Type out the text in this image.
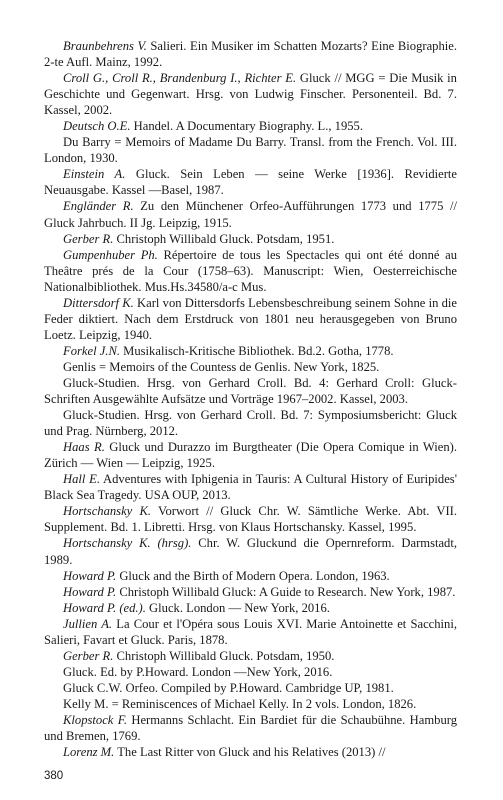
Braunbehrens V. Salieri. Ein Musiker im Schatten Mozarts? Eine Biographie. 2-te Aufl. Mainz, 1992.

Croll G., Croll R., Brandenburg I., Richter E. Gluck // MGG = Die Musik in Geschichte und Gegenwart. Hrsg. von Ludwig Finscher. Personenteil. Bd. 7. Kassel, 2002.

Deutsch O.E. Handel. A Documentary Biography. L., 1955.

Du Barry = Memoirs of Madame Du Barry. Transl. from the French. Vol. III. London, 1930.

Einstein A. Gluck. Sein Leben — seine Werke [1936]. Revidierte Neuausgabe. Kassel —Basel, 1987.

Engländer R. Zu den Münchener Orfeo-Aufführungen 1773 und 1775 // Gluck Jahrbuch. II Jg. Leipzig, 1915.

Gerber R. Christoph Willibald Gluck. Potsdam, 1951.

Gumpenhuber Ph. Répertoire de tous les Spectacles qui ont été donné au Theâtre prés de la Cour (1758–63). Manuscript: Wien, Oesterreichische Nationalbibliothek. Mus.Hs.34580/a-c Mus.

Dittersdorf K. Karl von Dittersdorfs Lebensbeschreibung seinem Sohne in die Feder diktiert. Nach dem Erstdruck von 1801 neu herausgegeben von Bruno Loetz. Leipzig, 1940.

Forkel J.N. Musikalisch-Kritische Bibliothek. Bd.2. Gotha, 1778.

Genlis = Memoirs of the Countess de Genlis. New York, 1825.

Gluck-Studien. Hrsg. von Gerhard Croll. Bd. 4: Gerhard Croll: Gluck-Schriften Ausgewählte Aufsätze und Vorträge 1967–2002. Kassel, 2003.

Gluck-Studien. Hrsg. von Gerhard Croll. Bd. 7: Symposiumsbericht: Gluck und Prag. Nürnberg, 2012.

Haas R. Gluck und Durazzo im Burgtheater (Die Opera Comique in Wien). Zürich — Wien — Leipzig, 1925.

Hall E. Adventures with Iphigenia in Tauris: A Cultural History of Euripides' Black Sea Tragedy. USA OUP, 2013.

Hortschansky K. Vorwort // Gluck Chr. W. Sämtliche Werke. Abt. VII. Supplement. Bd. 1. Libretti. Hrsg. von Klaus Hortschansky. Kassel, 1995.

Hortschansky K. (hrsg). Chr. W. Gluckund die Opernreform. Darmstadt, 1989.

Howard P. Gluck and the Birth of Modern Opera. London, 1963.

Howard P. Christoph Willibald Gluck: A Guide to Research. New York, 1987.

Howard P. (ed.). Gluck. London — New York, 2016.

Jullien A. La Cour et l'Opéra sous Louis XVI. Marie Antoinette et Sacchini, Salieri, Favart et Gluck. Paris, 1878.

Gerber R. Christoph Willibald Gluck. Potsdam, 1950.

Gluck. Ed. by P.Howard. London —New York, 2016.

Gluck C.W. Orfeo. Compiled by P.Howard. Cambridge UP, 1981.

Kelly M. = Reminiscences of Michael Kelly. In 2 vols. London, 1826.

Klopstock F. Hermanns Schlacht. Ein Bardiet für die Schaubühne. Hamburg und Bremen, 1769.

Lorenz M. The Last Ritter von Gluck and his Relatives (2013) //

380
